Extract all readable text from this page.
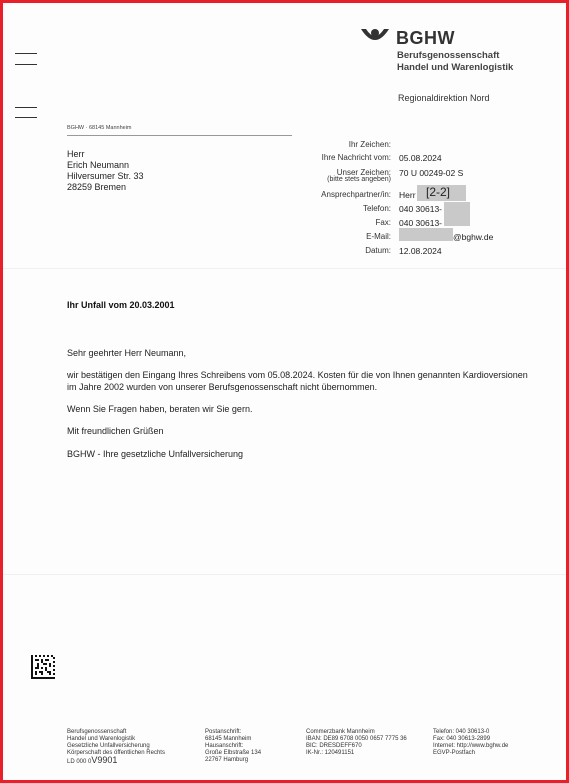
BGHW
Berufsgenossenschaft
Handel und Warenlogistik
Regionaldirektion Nord
BGHW · 68145 Mannheim
Herr
Erich Neumann
Hilversumer Str. 33
28259 Bremen
Ihr Zeichen:
Ihre Nachricht vom: 05.08.2024
Unser Zeichen:
(bitte stets angeben)
70 U 00249-02 S
Ansprechpartner/in: Herr [2-2]
Telefon: 040 30613-
Fax: 040 30613-
E-Mail:	@bghw.de
Datum: 12.08.2024
Ihr Unfall vom 20.03.2001
Sehr geehrter Herr Neumann,
wir bestätigen den Eingang Ihres Schreibens vom 05.08.2024. Kosten für die von Ihnen genannten Kardioversionen im Jahre 2002 wurden von unserer Berufsgenossenschaft nicht übernommen.
Wenn Sie Fragen haben, beraten wir Sie gern.
Mit freundlichen Grüßen
BGHW - Ihre gesetzliche Unfallversicherung
Berufsgenossenschaft
Handel und Warenlogistik
Gesetzliche Unfallversicherung
Körperschaft des öffentlichen Rechts
LD 000 0V9901
Postanschrift:
68145 Mannheim
Hausanschrift:
Große Elbstraße 134
22767 Hamburg
Commerzbank Mannheim
IBAN: DE89 6708 0050 0657 7775 36
BIC: DRESDEFF670
IK-Nr.: 120491151
Telefon: 040 30613-0
Fax: 040 30613-2899
Internet: http://www.bghw.de
EGVP-Postfach
